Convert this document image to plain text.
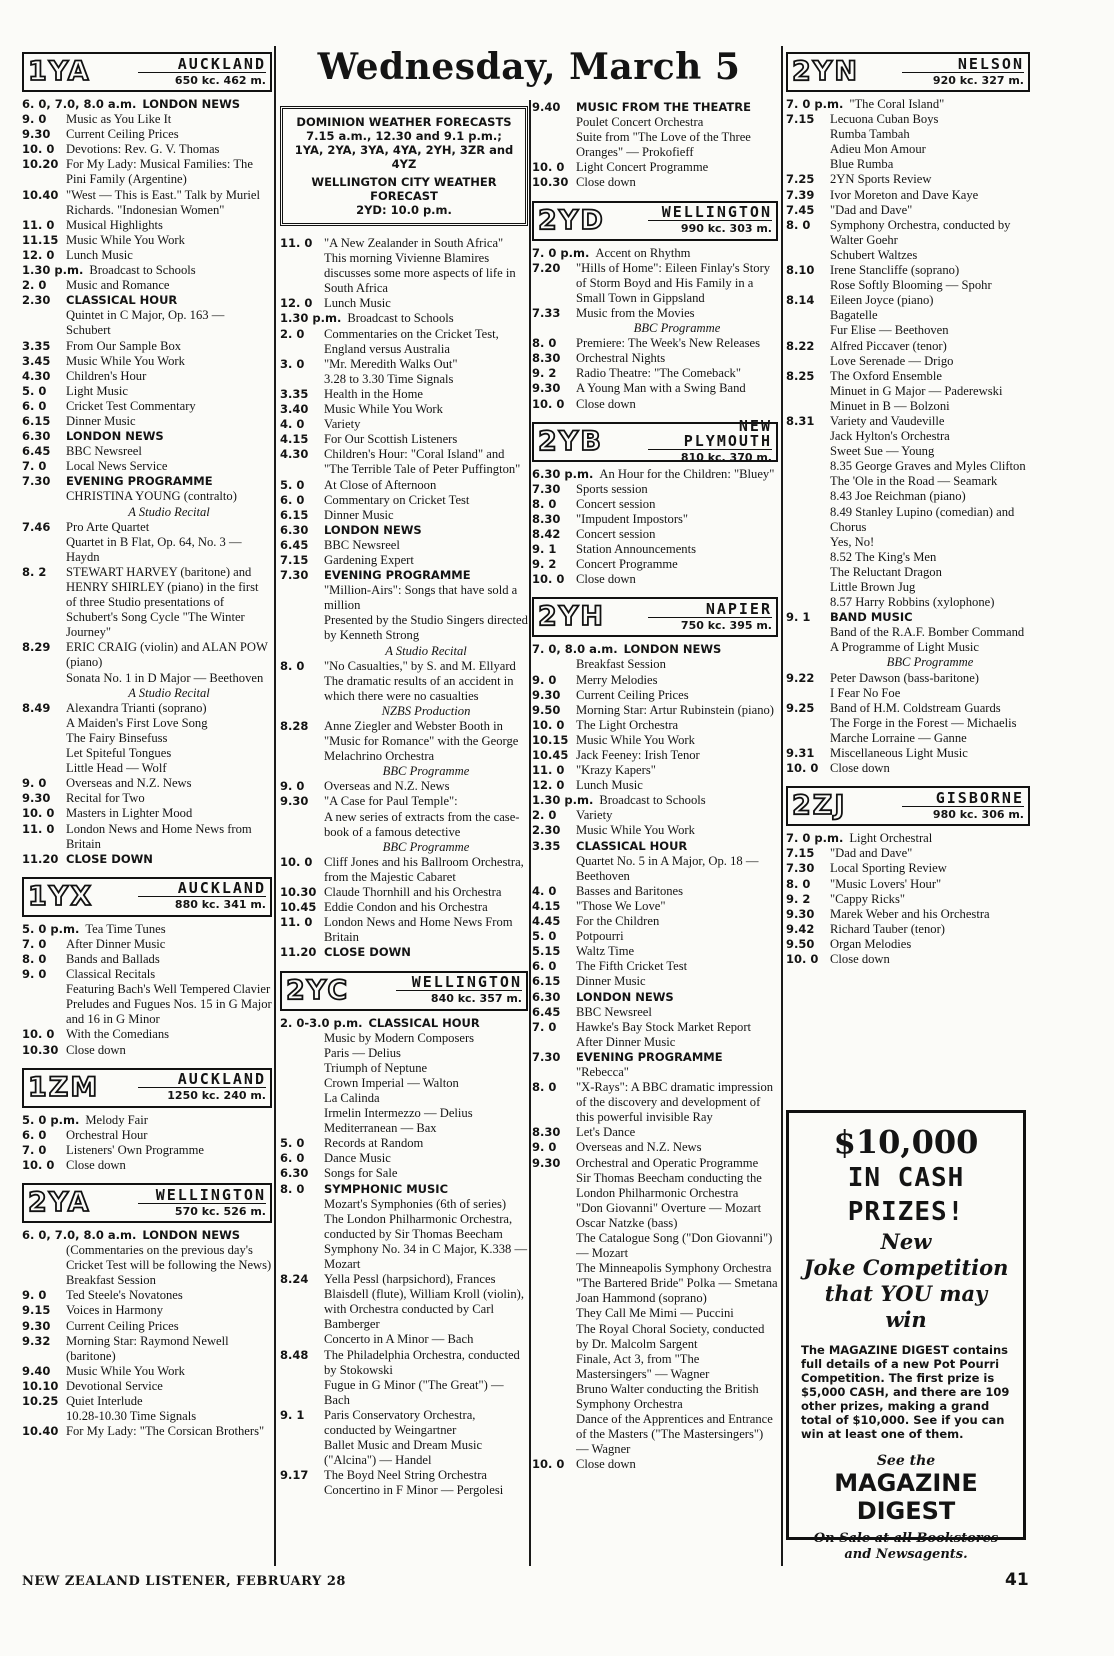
Wednesday, March 5
1YA	AUCKLAND
650 kc. 462 m.
6. 0, 7.0, 8.0 a.m. LONDON NEWS
9. 0	Music as You Like It
9.30	Current Ceiling Prices
10. 0 Devotions: Rev. G. V. Thomas
10.20 For My Lady: Musical Families: The Pini Family (Argentine)
10.40 "West — This is East." Talk by Muriel Richards. "Indonesian Women"
11. 0 Musical Highlights
11.15 Music While You Work
12. 0 Lunch Music
1.30 p.m. Broadcast to Schools
2. 0	Music and Romance
2.30	CLASSICAL HOUR
Quintet in C Major, Op. 163 — Schubert
3.35	From Our Sample Box
3.45	Music While You Work
4.30	Children's Hour
5. 0	Light Music
6. 0	Cricket Test Commentary
6.15	Dinner Music
6.30	LONDON NEWS
6.45	BBC Newsreel
7. 0	Local News Service
7.30	EVENING PROGRAMME
CHRISTINA YOUNG (contralto)
A Studio Recital
7.46	Pro Arte Quartet
Quartet in B Flat, Op. 64, No. 3 — Haydn
8. 2	STEWART HARVEY (baritone) and HENRY SHIRLEY (piano) in the first of three Studio presentations of Schubert's Song Cycle "The Winter Journey"
8.29	ERIC CRAIG (violin) and ALAN POW (piano)
Sonata No. 1 in D Major — Beethoven
A Studio Recital
8.49	Alexandra Trianti (soprano)
A Maiden's First Love Song
The Fairy Binsefuss
Let Spiteful Tongues
Little Head — Wolf
9. 0	Overseas and N.Z. News
9.30	Recital for Two
10. 0 Masters in Lighter Mood
11. 0 London News and Home News from Britain
11.20 CLOSE DOWN
1YX	AUCKLAND
880 kc. 341 m.
5. 0 p.m. Tea Time Tunes
7. 0	After Dinner Music
8. 0	Bands and Ballads
9. 0	Classical Recitals
Featuring Bach's Well Tempered Clavier
Preludes and Fugues Nos. 15 in G Major and 16 in G Minor
10. 0 With the Comedians
10.30 Close down
1ZM	AUCKLAND
1250 kc. 240 m.
5. 0 p.m. Melody Fair
6. 0	Orchestral Hour
7. 0	Listeners' Own Programme
10. 0 Close down
2YA	WELLINGTON
570 kc. 526 m.
6. 0, 7.0, 8.0 a.m. LONDON NEWS
(Commentaries on the previous day's Cricket Test will be following the News)
Breakfast Session
9. 0	Ted Steele's Novatones
9.15	Voices in Harmony
9.30	Current Ceiling Prices
9.32	Morning Star: Raymond Newell (baritone)
9.40	Music While You Work
10.10 Devotional Service
10.25 Quiet Interlude
10.28-10.30 Time Signals
10.40 For My Lady: "The Corsican Brothers"
DOMINION WEATHER FORECASTS
7.15 a.m., 12.30 and 9.1 p.m.; 1YA, 2YA, 3YA, 4YA, 2YH, 3ZR and 4YZ
WELLINGTON CITY WEATHER FORECAST
2YD: 10.0 p.m.
11. 0 "A New Zealander in South Africa"
This morning Vivienne Blamires discusses some more aspects of life in South Africa
12. 0 Lunch Music
1.30 p.m. Broadcast to Schools
2. 0	Commentaries on the Cricket Test, England versus Australia
3. 0	"Mr. Meredith Walks Out"
3.28 to 3.30 Time Signals
3.35	Health in the Home
3.40	Music While You Work
4. 0	Variety
4.15	For Our Scottish Listeners
4.30	Children's Hour: "Coral Island" and "The Terrible Tale of Peter Puffington"
5. 0	At Close of Afternoon
6. 0	Commentary on Cricket Test
6.15	Dinner Music
6.30	LONDON NEWS
6.45	BBC Newsreel
7.15	Gardening Expert
7.30	EVENING PROGRAMME
"Million-Airs": Songs that have sold a million
Presented by the Studio Singers directed by Kenneth Strong
A Studio Recital
8. 0	"No Casualties," by S. and M. Ellyard
The dramatic results of an accident in which there were no casualties
NZBS Production
8.28	Anne Ziegler and Webster Booth in "Music for Romance" with the George Melachrino Orchestra
BBC Programme
9. 0	Overseas and N.Z. News
9.30	"A Case for Paul Temple":
A new series of extracts from the case-book of a famous detective
BBC Programme
10. 0 Cliff Jones and his Ballroom Orchestra, from the Majestic Cabaret
10.30 Claude Thornhill and his Orchestra
10.45 Eddie Condon and his Orchestra
11. 0 London News and Home News From Britain
11.20 CLOSE DOWN
2YC	WELLINGTON
840 kc. 357 m.
2. 0-3.0 p.m. CLASSICAL HOUR
Music by Modern Composers
Paris — Delius
Triumph of Neptune
Crown Imperial — Walton
La Calinda
Irmelin Intermezzo — Delius
Mediterranean — Bax
5. 0	Records at Random
6. 0	Dance Music
6.30	Songs for Sale
8. 0	SYMPHONIC MUSIC
Mozart's Symphonies (6th of series)
The London Philharmonic Orchestra, conducted by Sir Thomas Beecham
Symphony No. 34 in C Major, K.338 — Mozart
8.24	Yella Pessl (harpsichord), Frances Blaisdell (flute), William Kroll (violin), with Orchestra conducted by Carl Bamberger
Concerto in A Minor — Bach
8.48	The Philadelphia Orchestra, conducted by Stokowski
Fugue in G Minor ("The Great") — Bach
9. 1	Paris Conservatory Orchestra, conducted by Weingartner
Ballet Music and Dream Music ("Alcina") — Handel
9.17	The Boyd Neel String Orchestra
Concertino in F Minor — Pergolesi
9.40	MUSIC FROM THE THEATRE
Poulet Concert Orchestra
Suite from "The Love of the Three Oranges" — Prokofieff
10. 0 Light Concert Programme
10.30 Close down
2YD	WELLINGTON
990 kc. 303 m.
7. 0 p.m. Accent on Rhythm
7.20	"Hills of Home": Eileen Finlay's Story of Storm Boyd and His Family in a Small Town in Gippsland
7.33	Music from the Movies
BBC Programme
8. 0	Premiere: The Week's New Releases
8.30	Orchestral Nights
9. 2	Radio Theatre: "The Comeback"
9.30	A Young Man with a Swing Band
10. 0 Close down
2YB	NEW PLYMOUTH
810 kc. 370 m.
6.30 p.m. An Hour for the Children: "Bluey"
7.30	Sports session
8. 0	Concert session
8.30	"Impudent Impostors"
8.42	Concert session
9. 1	Station Announcements
9. 2	Concert Programme
10. 0 Close down
2YH	NAPIER
750 kc. 395 m.
7. 0, 8.0 a.m. LONDON NEWS
Breakfast Session
9. 0	Merry Melodies
9.30	Current Ceiling Prices
9.50	Morning Star: Artur Rubinstein (piano)
10. 0 The Light Orchestra
10.15 Music While You Work
10.45 Jack Feeney: Irish Tenor
11. 0 "Krazy Kapers"
12. 0 Lunch Music
1.30 p.m. Broadcast to Schools
2. 0	Variety
2.30	Music While You Work
3.35	CLASSICAL HOUR
Quartet No. 5 in A Major, Op. 18 — Beethoven
4. 0	Basses and Baritones
4.15	"Those We Love"
4.45	For the Children
5. 0	Potpourri
5.15	Waltz Time
6. 0	The Fifth Cricket Test
6.15	Dinner Music
6.30	LONDON NEWS
6.45	BBC Newsreel
7. 0	Hawke's Bay Stock Market Report
After Dinner Music
7.30	EVENING PROGRAMME
"Rebecca"
8. 0	"X-Rays": A BBC dramatic impression of the discovery and development of this powerful invisible Ray
8.30	Let's Dance
9. 0	Overseas and N.Z. News
9.30	Orchestral and Operatic Programme
Sir Thomas Beecham conducting the London Philharmonic Orchestra
"Don Giovanni" Overture — Mozart
Oscar Natzke (bass)
The Catalogue Song ("Don Giovanni") — Mozart
The Minneapolis Symphony Orchestra
"The Bartered Bride" Polka — Smetana
Joan Hammond (soprano)
They Call Me Mimi — Puccini
The Royal Choral Society, conducted by Dr. Malcolm Sargent
Finale, Act 3, from "The Mastersingers" — Wagner
Bruno Walter conducting the British Symphony Orchestra
Dance of the Apprentices and Entrance of the Masters ("The Mastersingers") — Wagner
10. 0 Close down
2YN	NELSON
920 kc. 327 m.
7. 0 p.m. "The Coral Island"
7.15	Lecuona Cuban Boys
Rumba Tambah
Adieu Mon Amour
Blue Rumba
7.25	2YN Sports Review
7.39	Ivor Moreton and Dave Kaye
7.45	"Dad and Dave"
8. 0	Symphony Orchestra, conducted by Walter Goehr
Schubert Waltzes
8.10	Irene Stancliffe (soprano)
Rose Softly Blooming — Spohr
8.14	Eileen Joyce (piano)
Bagatelle
Fur Elise — Beethoven
8.22	Alfred Piccaver (tenor)
Love Serenade — Drigo
8.25	The Oxford Ensemble
Minuet in G Major — Paderewski
Minuet in B — Bolzoni
8.31	Variety and Vaudeville
Jack Hylton's Orchestra
Sweet Sue — Young
8.35 George Graves and Myles Clifton
The 'Ole in the Road — Seamark
8.43 Joe Reichman (piano)
8.49 Stanley Lupino (comedian) and Chorus
Yes, No!
8.52 The King's Men
The Reluctant Dragon
Little Brown Jug
8.57 Harry Robbins (xylophone)
9. 1	BAND MUSIC
Band of the R.A.F. Bomber Command
A Programme of Light Music
BBC Programme
9.22	Peter Dawson (bass-baritone)
I Fear No Foe
9.25	Band of H.M. Coldstream Guards
The Forge in the Forest — Michaelis
Marche Lorraine — Ganne
9.31	Miscellaneous Light Music
10. 0 Close down
2ZJ	GISBORNE
980 kc. 306 m.
7. 0 p.m. Light Orchestral
7.15	"Dad and Dave"
7.30	Local Sporting Review
8. 0	"Music Lovers' Hour"
9. 2	"Cappy Ricks"
9.30	Marek Weber and his Orchestra
9.42	Richard Tauber (tenor)
9.50	Organ Melodies
10. 0 Close down
$10,000
IN CASH PRIZES!
New
Joke Competition
that YOU may win
The MAGAZINE DIGEST contains full details of a new Pot Pourri Competition. The first prize is $5,000 CASH, and there are 109 other prizes, making a grand total of $10,000. See if you can win at least one of them.
See the
MAGAZINE
DIGEST
On Sale at all Bookstores and Newsagents.
NEW ZEALAND LISTENER, FEBRUARY 28	41
